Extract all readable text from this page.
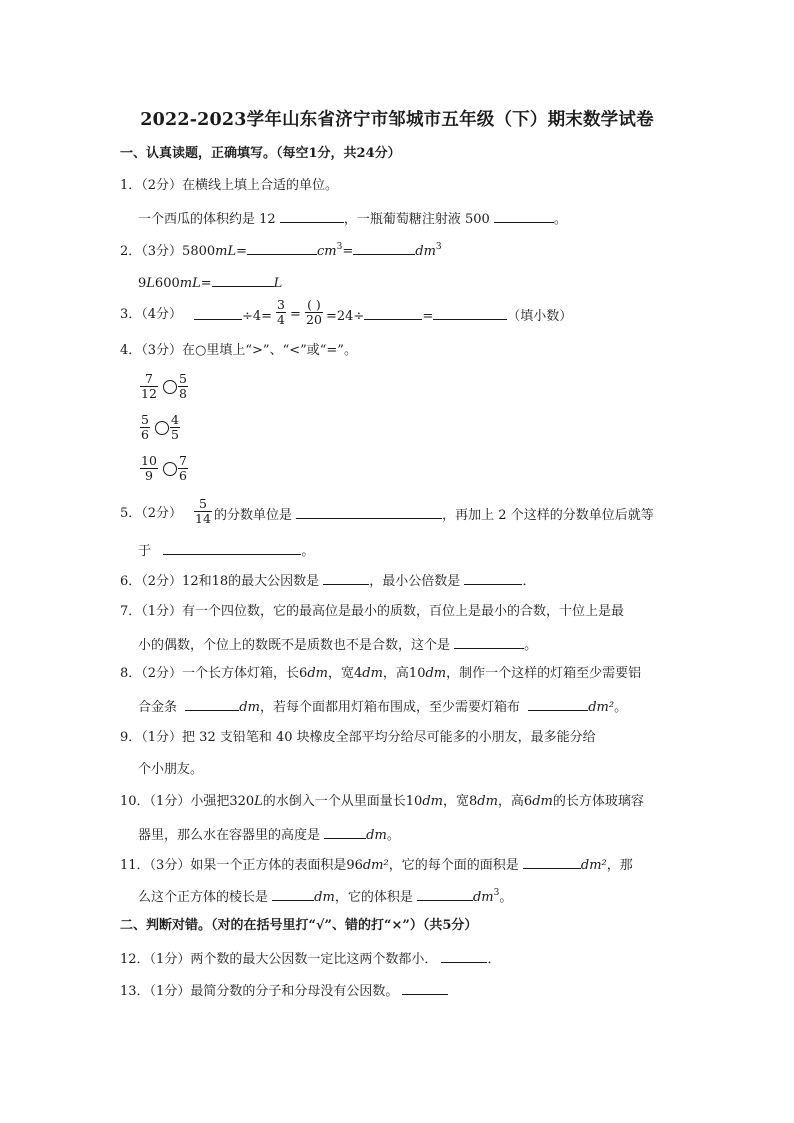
2022-2023学年山东省济宁市邹城市五年级（下）期末数学试卷
一、认真读题，正确填写。（每空1分，共24分）
1．（2分）在横线上填上合适的单位。
一个西瓜的体积约是 12	，一瓶葡萄糖注射液 500	。
2．（3分）5800mL=	$cm^3=$	$dm^3$
9L600mL=	L
3．（4分）	$\div 4= \frac{3}{4}$ =
( )
20 =24÷	=	（填小数）
4．（3分）在○里填上“>”、“<”或“=”。
$\frac{7}{12} \frac{5}{8}$
$\frac{5}{6} \frac{4}{5}$
$\frac{10}{9} \frac{7}{6}$
5．（2分） $\frac{5}{14}$ 的分数单位是	，再加上 2 个这样的分数单位后就等
于	。
6．（2分）12和18的最大公因数是	，最小公倍数是	．
7．（1分）有一个四位数，它的最高位是最小的质数，百位上是最小的合数，十位上是最
小的偶数，个位上的数既不是质数也不是合数，这个是	。
8．（2分）一个长方体灯箱，长6dm，宽4dm，高10dm，制作一个这样的灯箱至少需要铝
合金条	dm，若每个面都用灯箱布围成，至少需要灯箱布	dm²。
9．（1分）把 32 支铅笔和 40 块橡皮全部平均分给尽可能多的小朋友，最多能分给
个小朋友。
10．（1分）小强把320L的水倒入一个从里面量长10dm，宽8dm，高6dm的长方体玻璃容
器里，那么水在容器里的高度是	dm。
11．（3分）如果一个正方体的表面积是96dm²，它的每个面的面积是	dm²，那
么这个正方体的棱长是	dm，它的体积是	$dm^3$。
二、判断对错。（对的在括号里打“√”、错的打“×”）（共5分）
12．（1分）两个数的最大公因数一定比这两个数都小．	．
13．（1分）最简分数的分子和分母没有公因数。
